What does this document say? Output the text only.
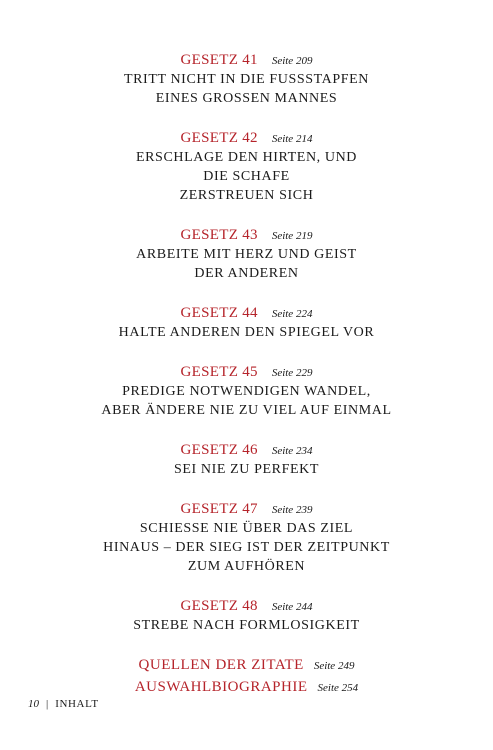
GESETZ 41 Seite 209
TRITT NICHT IN DIE FUSSSTAPFEN
EINES GROSSEN MANNES
GESETZ 42 Seite 214
ERSCHLAGE DEN HIRTEN, UND
DIE SCHAFE
ZERSTREUEN SICH
GESETZ 43 Seite 219
ARBEITE MIT HERZ UND GEIST
DER ANDEREN
GESETZ 44 Seite 224
HALTE ANDEREN DEN SPIEGEL VOR
GESETZ 45 Seite 229
PREDIGE NOTWENDIGEN WANDEL,
ABER ÄNDERE NIE ZU VIEL AUF EINMAL
GESETZ 46 Seite 234
SEI NIE ZU PERFEKT
GESETZ 47 Seite 239
SCHIESSE NIE ÜBER DAS ZIEL
HINAUS – DER SIEG IST DER ZEITPUNKT
ZUM AUFHÖREN
GESETZ 48 Seite 244
STREBE NACH FORMLOSIGKEIT
QUELLEN DER ZITATE Seite 249
AUSWAHLBIOGRAPHIE Seite 254
10 | INHALT
